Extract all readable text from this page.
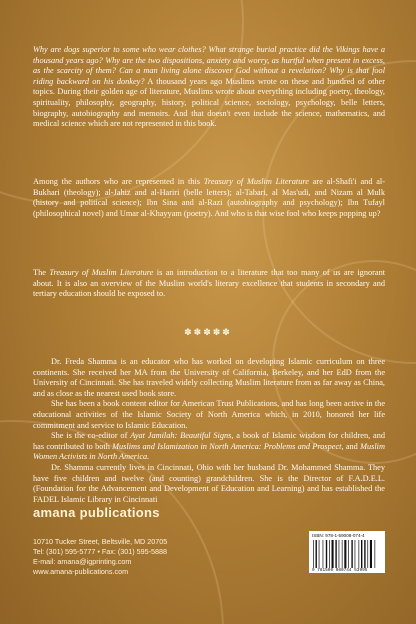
Why are dogs superior to some who wear clothes? What strange burial practice did the Vikings have a thousand years ago? Why are the two dispositions, anxiety and worry, as hurtful when present in excess, as the scarcity of them? Can a man living alone discover God without a revelation? Why is that fool riding backward on his donkey? A thousand years ago Muslims wrote on these and hundred of other topics. During their golden age of literature, Muslims wrote about everything including poetry, theology, spirituality, philosophy, geography, history, political science, sociology, psychology, belle letters, biography, autobiography and memoirs. And that doesn't even include the science, mathematics, and medical science which are not represented in this book.

Among the authors who are represented in this Treasury of Muslim Literature are al-Shafi'i and al-Bukhari (theology); al-Jahiz and al-Hariri (belle letters); al-Tabari, al Mas'udi, and Nizam al Mulk (history and political science); Ibn Sina and al-Razi (autobiography and psychology); Ibn Tufayl (philosophical novel) and Umar al-Khayyam (poetry). And who is that wise fool who keeps popping up?

The Treasury of Muslim Literature is an introduction to a literature that too many of us are ignorant about. It is also an overview of the Muslim world's literary excellence that students in secondary and tertiary education should be exposed to.

✽✽✽✽✽

Dr. Freda Shamma is an educator who has worked on developing Islamic curriculum on three continents. She received her MA from the University of California, Berkeley, and her EdD from the University of Cincinnati. She has traveled widely collecting Muslim literature from as far away as China, and as close as the nearest used book store.

She has been a book content editor for American Trust Publications, and has long been active in the educational activities of the Islamic Society of North America which, in 2010, honored her life commitment and service to Islamic Education.

She is the co-editor of Ayat Jamilah: Beautiful Signs, a book of Islamic wisdom for children, and has contributed to both Muslims and Islamization in North America: Problems and Prospect, and Muslim Women Activists in North America.

Dr. Shamma currently lives in Cincinnati, Ohio with her husband Dr. Mohammed Shamma. They have five children and twelve (and counting) grandchildren. She is the Director of F.A.D.E.L. (Foundation for the Advancement and Development of Education and Learning) and has established the FADEL Islamic Library in Cincinnati

amana publications
10710 Tucker Street, Beltsville, MD 20705
Tel: (301) 595-5777 • Fax: (301) 595-5888
E-mail: amana@igprinting.com
www.amana-publications.com
ISBN: 978-1-59008-074-4
9 781590 080744 53995
